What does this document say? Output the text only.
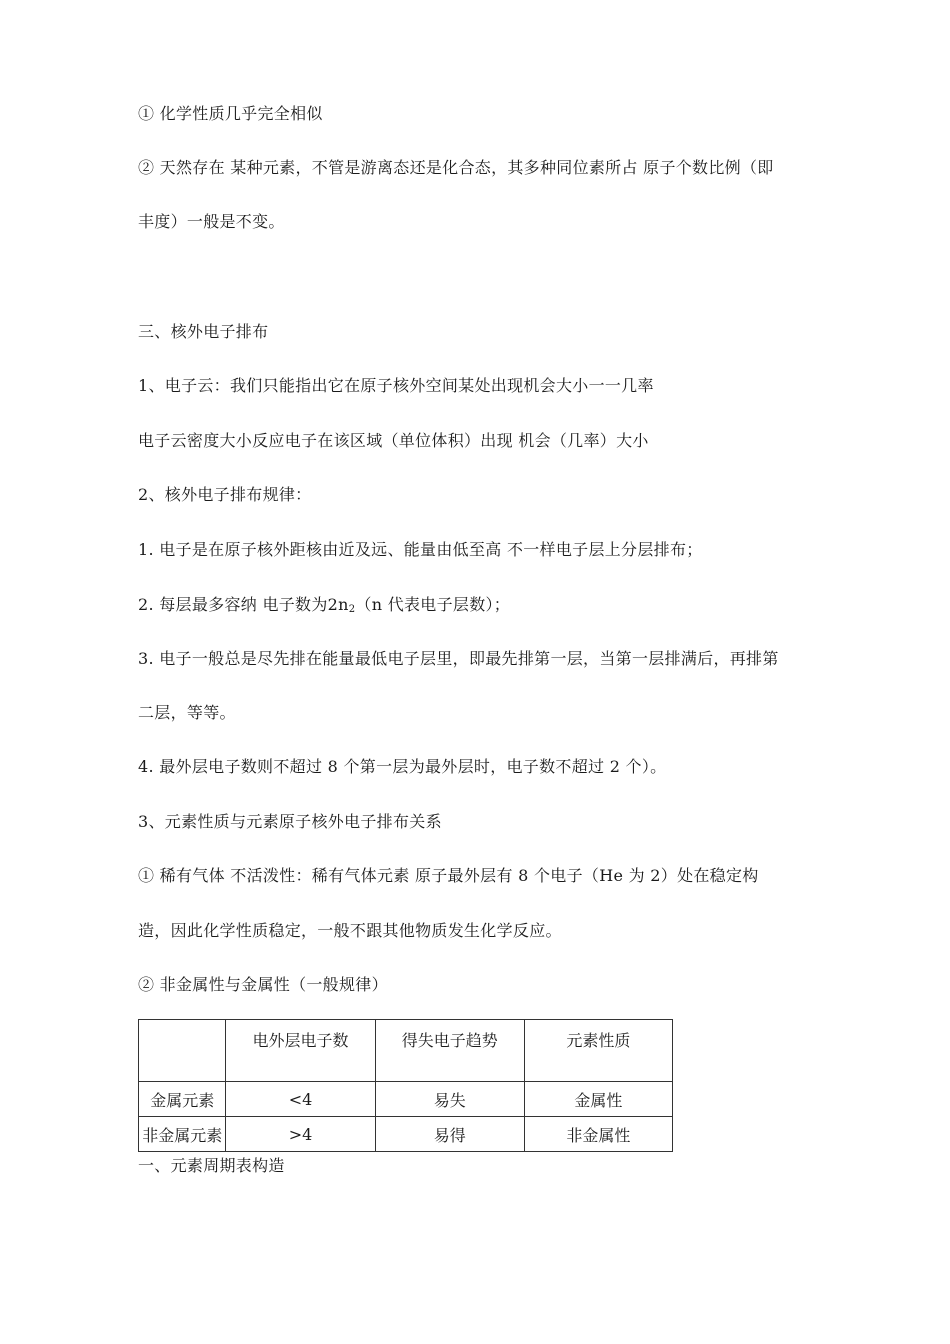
① 化学性质几乎完全相似
② 天然存在 某种元素，不管是游离态还是化合态，其多种同位素所占 原子个数比例（即
丰度）一般是不变。
三、核外电子排布
1、电子云：我们只能指出它在原子核外空间某处出现机会大小一一几率
电子云密度大小反应电子在该区域（单位体积）出现 机会（几率）大小
2、核外电子排布规律：
1. 电子是在原子核外距核由近及远、能量由低至高 不一样电子层上分层排布；
2. 每层最多容纳 电子数为$2n_2(n$ 代表电子层数）；
3. 电子一般总是尽先排在能量最低电子层里，即最先排第一层，当第一层排满后，再排第
二层，等等。
4. 最外层电子数则不超过 8 个第一层为最外层时，电子数不超过 2 个）。
3、元素性质与元素原子核外电子排布关系
① 稀有气体 不活泼性：稀有气体元素 原子最外层有 8 个电子（He 为 2）处在稳定构
造，因此化学性质稳定，一般不跟其他物质发生化学反应。
② 非金属性与金属性（一般规律）
	电外层电子数	得失电子趋势	元素性质
金属元素	<4	易失	金属性
非金属元素	>4	易得	非金属性
一、元素周期表构造
